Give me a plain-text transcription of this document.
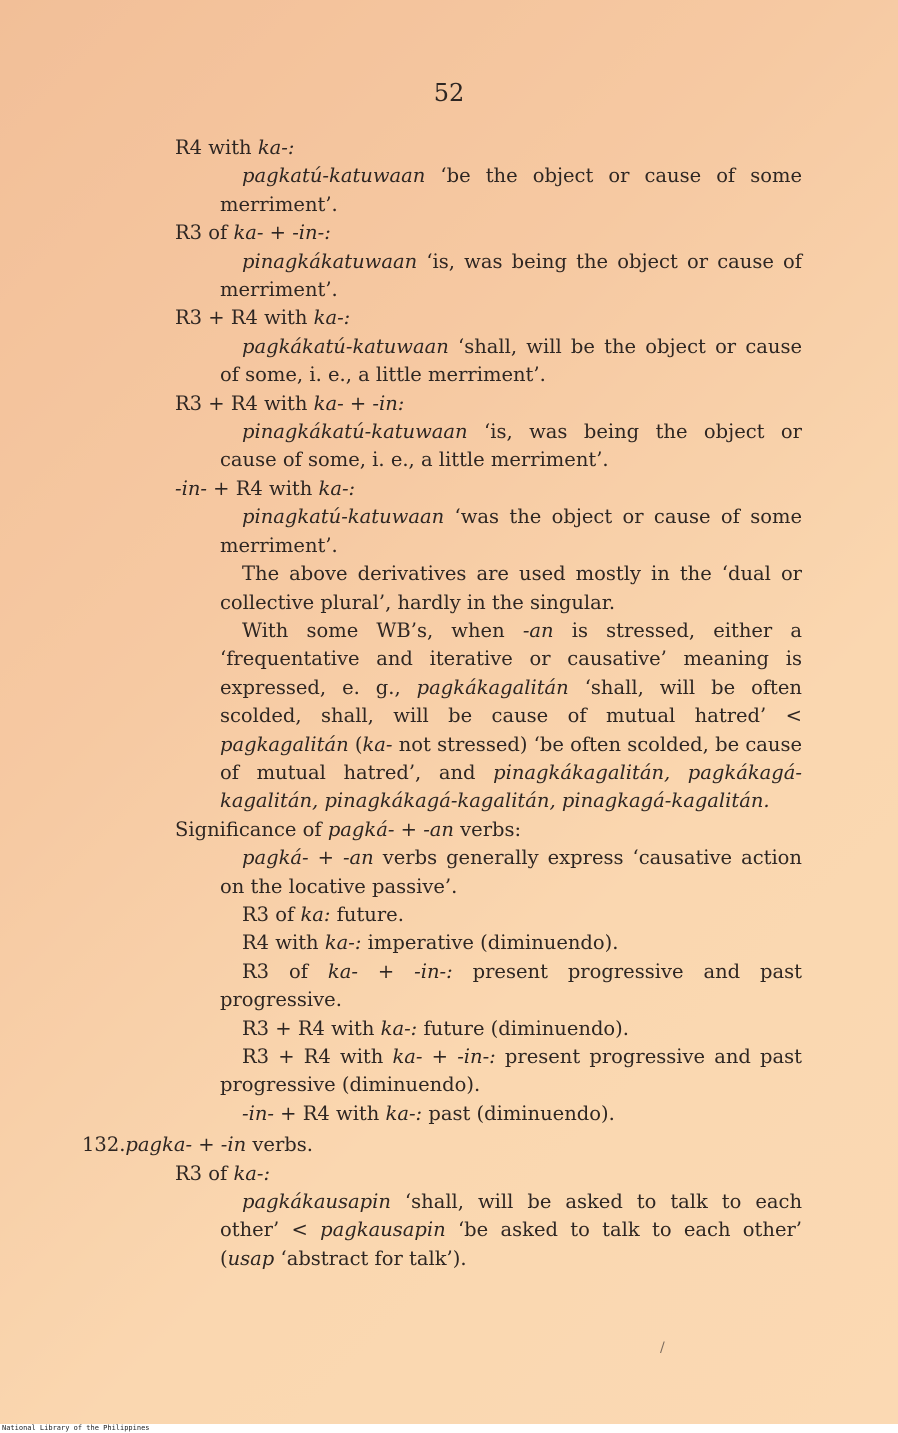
52
R4 with ka-:
pagkatú-katuwaan ‘be the object or cause of some merriment’.
R3 of ka- + -in-:
pinagkákatuwaan ‘is, was being the object or cause of merriment’.
R3 + R4 with ka-:
pagkákatú-katuwaan ‘shall, will be the object or cause of some, i. e., a little merriment’.
R3 + R4 with ka- + -in:
pinagkákatú-katuwaan ‘is, was being the object or cause of some, i. e., a little merriment’.
-in- + R4 with ka-:
pinagkatú-katuwaan ‘was the object or cause of some merriment’.
The above derivatives are used mostly in the ‘dual or collective plural’, hardly in the singular.
With some WB’s, when -an is stressed, either a ‘frequentative and iterative or causative’ meaning is expressed, e. g., pagkákagalitán ‘shall, will be often scolded, shall, will be cause of mutual hatred’ < pagkagalitán (ka- not stressed) ‘be often scolded, be cause of mutual hatred’, and pinagkákagalitán, pagkákagá-kagalitán, pinagkákagá-kagalitán, pinagkagá-kagalitán.
Significance of pagká- + -an verbs:
pagká- + -an verbs generally express ‘causative action on the locative passive’.
R3 of ka: future.
R4 with ka-: imperative (diminuendo).
R3 of ka- + -in-: present progressive and past progressive.
R3 + R4 with ka-: future (diminuendo).
R3 + R4 with ka- + -in-: present progressive and past progressive (diminuendo).
-in- + R4 with ka-: past (diminuendo).
132.pagka- + -in verbs.
R3 of ka-:
pagkákausapin ‘shall, will be asked to talk to each other’ < pagkausapin ‘be asked to talk to each other’ (usap ‘abstract for talk’).
/
National Library of the Philippines
